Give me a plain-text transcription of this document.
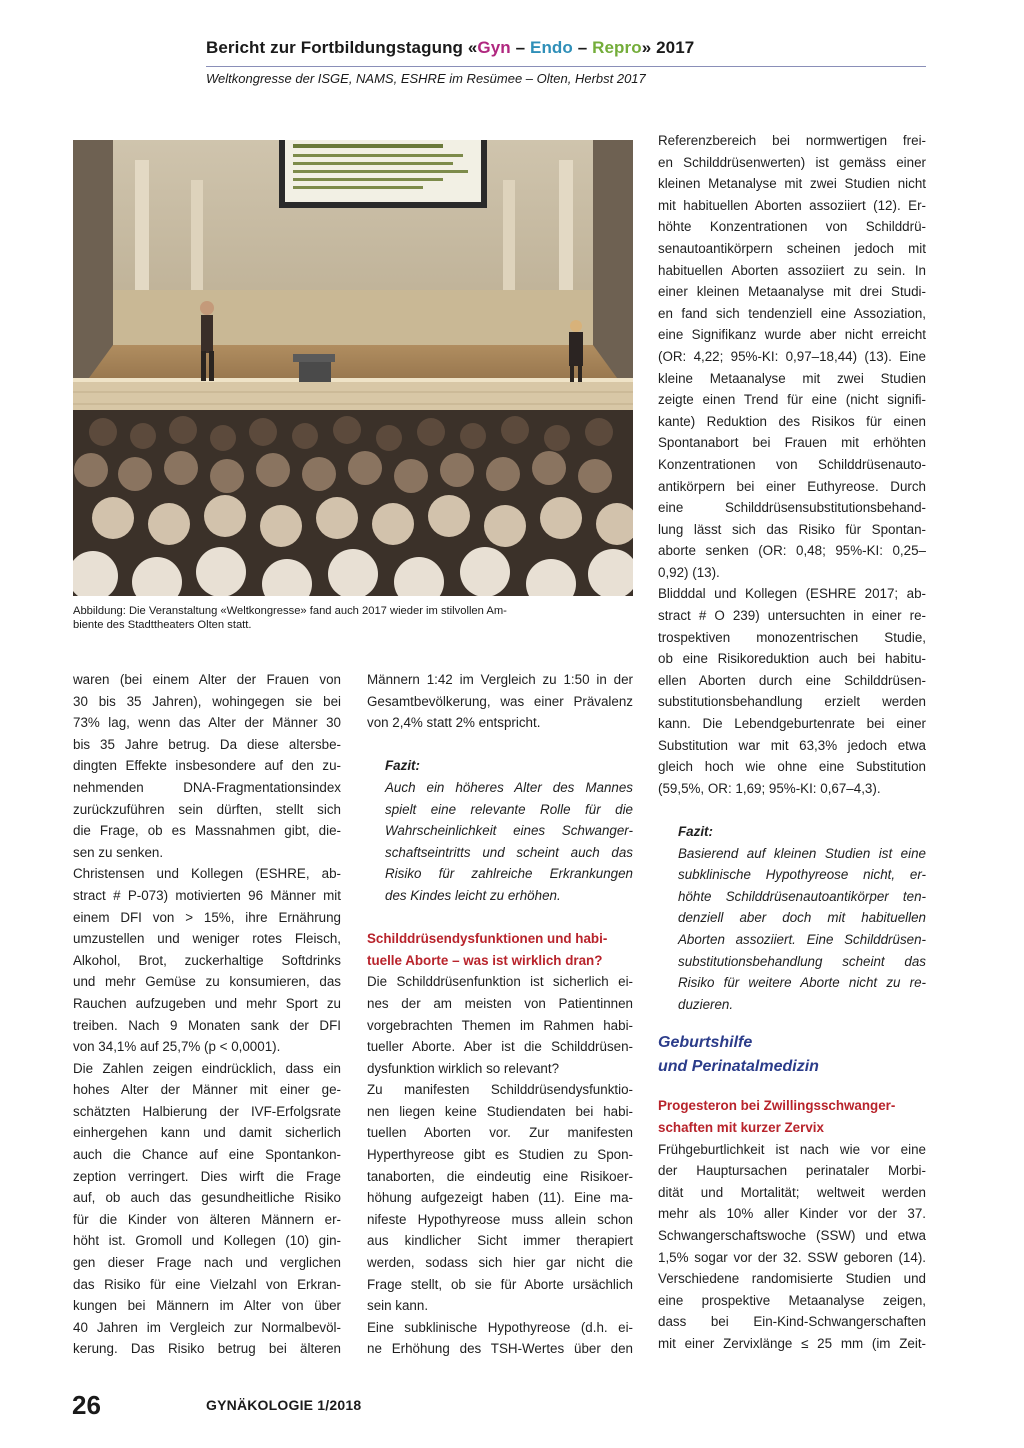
Bericht zur Fortbildungstagung «Gyn – Endo – Repro» 2017
Weltkongresse der ISGE, NAMS, ESHRE im Resümee – Olten, Herbst 2017
Abbildung: Die Veranstaltung «Weltkongresse» fand auch 2017 wieder im stilvollen Am-
biente des Stadttheaters Olten statt.
waren (bei einem Alter der Frauen von
30 bis 35 Jahren), wohingegen sie bei
73% lag, wenn das Alter der Männer 30
bis 35 Jahre betrug. Da diese altersbe-
dingten Effekte insbesondere auf den zu-
nehmenden DNA-Fragmentationsindex
zurückzuführen sein dürften, stellt sich
die Frage, ob es Massnahmen gibt, die-
sen zu senken.
Christensen und Kollegen (ESHRE, ab-
stract # P-073) motivierten 96 Männer mit
einem DFI von > 15%, ihre Ernährung
umzustellen und weniger rotes Fleisch,
Alkohol, Brot, zuckerhaltige Softdrinks
und mehr Gemüse zu konsumieren, das
Rauchen aufzugeben und mehr Sport zu
treiben. Nach 9 Monaten sank der DFI
von 34,1% auf 25,7% (p < 0,0001).
Die Zahlen zeigen eindrücklich, dass ein
hohes Alter der Männer mit einer ge-
schätzten Halbierung der IVF-Erfolgsrate
einhergehen kann und damit sicherlich
auch die Chance auf eine Spontankon-
zeption verringert. Dies wirft die Frage
auf, ob auch das gesundheitliche Risiko
für die Kinder von älteren Männern er-
höht ist. Gromoll und Kollegen (10) gin-
gen dieser Frage nach und verglichen
das Risiko für eine Vielzahl von Erkran-
kungen bei Männern im Alter von über
40 Jahren im Vergleich zur Normalbevöl-
kerung. Das Risiko betrug bei älteren
Männern 1:42 im Vergleich zu 1:50 in der
Gesamtbevölkerung, was einer Prävalenz
von 2,4% statt 2% entspricht.
Fazit:
Auch ein höheres Alter des Mannes
spielt eine relevante Rolle für die
Wahrscheinlichkeit eines Schwanger-
schaftseintritts und scheint auch das
Risiko für zahlreiche Erkrankungen
des Kindes leicht zu erhöhen.
Schilddrüsendysfunktionen und habi-
tuelle Aborte – was ist wirklich dran?
Die Schilddrüsenfunktion ist sicherlich ei-
nes der am meisten von Patientinnen
vorgebrachten Themen im Rahmen habi-
tueller Aborte. Aber ist die Schilddrüsen-
dysfunktion wirklich so relevant?
Zu manifesten Schilddrüsendysfunktio-
nen liegen keine Studiendaten bei habi-
tuellen Aborten vor. Zur manifesten
Hyperthyreose gibt es Studien zu Spon-
tanaborten, die eindeutig eine Risikoer-
höhung aufgezeigt haben (11). Eine ma-
nifeste Hypothyreose muss allein schon
aus kindlicher Sicht immer therapiert
werden, sodass sich hier gar nicht die
Frage stellt, ob sie für Aborte ursächlich
sein kann.
Eine subklinische Hypothyreose (d.h. ei-
ne Erhöhung des TSH-Wertes über den
Referenzbereich bei normwertigen frei-
en Schilddrüsenwerten) ist gemäss einer
kleinen Metanalyse mit zwei Studien nicht
mit habituellen Aborten assoziiert (12). Er-
höhte Konzentrationen von Schilddrü-
senautoantikörpern scheinen jedoch mit
habituellen Aborten assoziiert zu sein. In
einer kleinen Metaanalyse mit drei Studi-
en fand sich tendenziell eine Assoziation,
eine Signifikanz wurde aber nicht erreicht
(OR: 4,22; 95%-KI: 0,97–18,44) (13). Eine
kleine Metaanalyse mit zwei Studien
zeigte einen Trend für eine (nicht signifi-
kante) Reduktion des Risikos für einen
Spontanabort bei Frauen mit erhöhten
Konzentrationen von Schilddrüsenauto-
antikörpern bei einer Euthyreose. Durch
eine Schilddrüsensubstitutionsbehand-
lung lässt sich das Risiko für Spontan-
aborte senken (OR: 0,48; 95%-KI: 0,25–
0,92) (13).
Blidddal und Kollegen (ESHRE 2017; ab-
stract # O 239) untersuchten in einer re-
trospektiven monozentrischen Studie,
ob eine Risikoreduktion auch bei habitu-
ellen Aborten durch eine Schilddrüsen-
substitutionsbehandlung erzielt werden
kann. Die Lebendgeburtenrate bei einer
Substitution war mit 63,3% jedoch etwa
gleich hoch wie ohne eine Substitution
(59,5%, OR: 1,69; 95%-KI: 0,67–4,3).
Fazit:
Basierend auf kleinen Studien ist eine
subklinische Hypothyreose nicht, er-
höhte Schilddrüsenautoantikörper ten-
denziell aber doch mit habituellen
Aborten assoziiert. Eine Schilddrüsen-
substitutionsbehandlung scheint das
Risiko für weitere Aborte nicht zu re-
duzieren.
Geburtshilfe
und Perinatalmedizin
Progesteron bei Zwillingsschwanger-
schaften mit kurzer Zervix
Frühgeburtlichkeit ist nach wie vor eine
der Hauptursachen perinataler Morbi-
dität und Mortalität; weltweit werden
mehr als 10% aller Kinder vor der 37.
Schwangerschaftswoche (SSW) und etwa
1,5% sogar vor der 32. SSW geboren (14).
Verschiedene randomisierte Studien und
eine prospektive Metaanalyse zeigen,
dass bei Ein-Kind-Schwangerschaften
mit einer Zervixlänge ≤ 25 mm (im Zeit-
26	GYNÄKOLOGIE 1/2018
